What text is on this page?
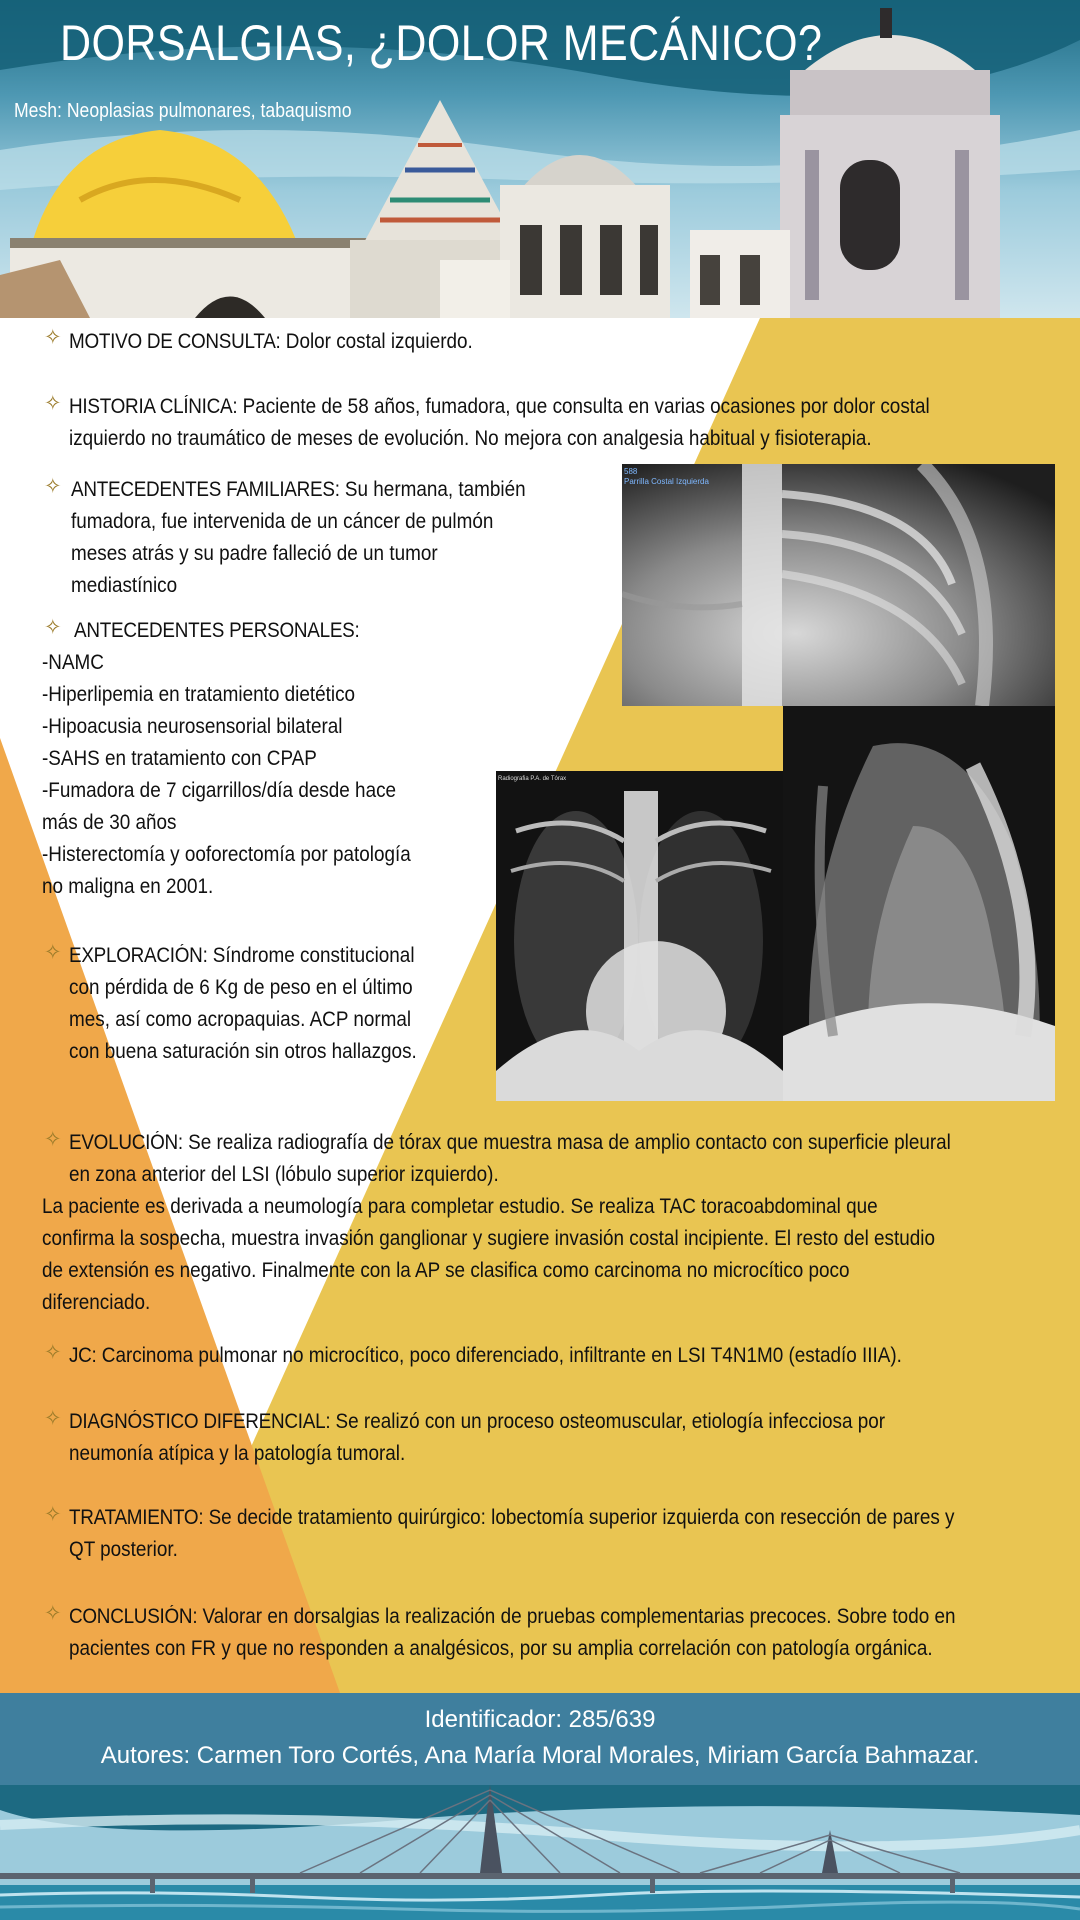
DORSALGIAS, ¿DOLOR MECÁNICO?
Mesh: Neoplasias pulmonares, tabaquismo
✧ MOTIVO DE CONSULTA: Dolor costal izquierdo.
✧ HISTORIA CLÍNICA: Paciente de 58 años, fumadora, que consulta en varias ocasiones por dolor costal
izquierdo no traumático de meses de evolución. No mejora con analgesia habitual y fisioterapia.
✧ ANTECEDENTES FAMILIARES: Su hermana, también
fumadora, fue intervenida de un cáncer de pulmón
meses atrás y su padre falleció de un tumor
mediastínico
✧ ANTECEDENTES PERSONALES:
-NAMC
-Hiperlipemia en tratamiento dietético
-Hipoacusia neurosensorial bilateral
-SAHS en tratamiento con CPAP
-Fumadora de 7 cigarrillos/día desde hace
más de 30 años
-Histerectomía y ooforectomía por patología
no maligna en 2001.
✧ EXPLORACIÓN: Síndrome constitucional
con pérdida de 6 Kg de peso en el último
mes, así como acropaquias. ACP normal
con buena saturación sin otros hallazgos.
588
Parrilla Costal Izquierda
Radiografia P.A. de Tórax
✧ EVOLUCIÓN: Se realiza radiografía de tórax que muestra masa de amplio contacto con superficie pleural
en zona anterior del LSI (lóbulo superior izquierdo).
La paciente es derivada a neumología para completar estudio. Se realiza TAC toracoabdominal que
confirma la sospecha, muestra invasión ganglionar y sugiere invasión costal incipiente. El resto del estudio
de extensión es negativo. Finalmente con la AP se clasifica como carcinoma no microcítico poco
diferenciado.
✧ JC: Carcinoma pulmonar no microcítico, poco diferenciado, infiltrante en LSI T4N1M0 (estadío IIIA).
✧ DIAGNÓSTICO DIFERENCIAL: Se realizó con un proceso osteomuscular, etiología infecciosa por
neumonía atípica y la patología tumoral.
✧ TRATAMIENTO: Se decide tratamiento quirúrgico: lobectomía superior izquierda con resección de pares y
QT posterior.
✧ CONCLUSIÓN: Valorar en dorsalgias la realización de pruebas complementarias precoces. Sobre todo en
pacientes con FR y que no responden a analgésicos, por su amplia correlación con patología orgánica.
Identificador: 285/639
Autores: Carmen Toro Cortés, Ana María Moral Morales, Miriam García Bahmazar.
